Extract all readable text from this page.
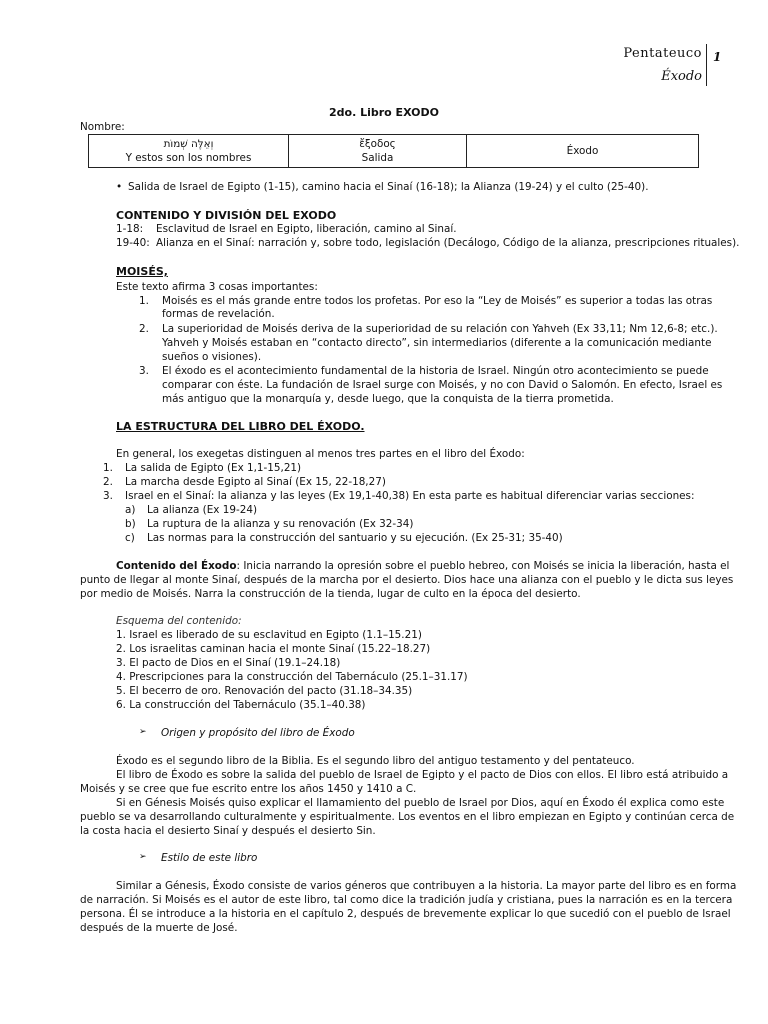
Pentateuco
Éxodo
1
2do. Libro EXODO
Nombre:
וְאֵלֶּה שְׁמוֹת
Y estos son los nombres

ἔξοδος
Salida
	Éxodo
• Salida de Israel de Egipto (1-15), camino hacia el Sinaí (16-18); la Alianza (19-24) y el culto (25-40).
CONTENIDO Y DIVISIÓN DEL EXODO
1-18: Esclavitud de Israel en Egipto, liberación, camino al Sinaí.
19-40: Alianza en el Sinaí: narración y, sobre todo, legislación (Decálogo, Código de la alianza, prescripciones rituales).
MOISÉS,
Este texto afirma 3 cosas importantes:
1. Moisés es el más grande entre todos los profetas. Por eso la “Ley de Moisés” es superior a todas las otras
formas de revelación.
2. La superioridad de Moisés deriva de la superioridad de su relación con Yahveh (Ex 33,11; Nm 12,6-8; etc.).
Yahveh y Moisés estaban en “contacto directo”, sin intermediarios (diferente a la comunicación mediante
sueños o visiones).
3. El éxodo es el acontecimiento fundamental de la historia de Israel. Ningún otro acontecimiento se puede
comparar con éste. La fundación de Israel surge con Moisés, y no con David o Salomón. En efecto, Israel es
más antiguo que la monarquía y, desde luego, que la conquista de la tierra prometida.
LA ESTRUCTURA DEL LIBRO DEL ÉXODO.
En general, los exegetas distinguen al menos tres partes en el libro del Éxodo:
1. La salida de Egipto (Ex 1,1-15,21)
2. La marcha desde Egipto al Sinaí (Ex 15, 22-18,27)
3. Israel en el Sinaí: la alianza y las leyes (Ex 19,1-40,38) En esta parte es habitual diferenciar varias secciones:
a) La alianza (Ex 19-24)
b) La ruptura de la alianza y su renovación (Ex 32-34)
c) Las normas para la construcción del santuario y su ejecución. (Ex 25-31; 35-40)
Contenido del Éxodo: Inicia narrando la opresión sobre el pueblo hebreo, con Moisés se inicia la liberación, hasta el
punto de llegar al monte Sinaí, después de la marcha por el desierto. Dios hace una alianza con el pueblo y le dicta sus leyes
por medio de Moisés. Narra la construcción de la tienda, lugar de culto en la época del desierto.
Esquema del contenido:
1. Israel es liberado de su esclavitud en Egipto (1.1–15.21)
2. Los israelitas caminan hacia el monte Sinaí (15.22–18.27)
3. El pacto de Dios en el Sinaí (19.1–24.18)
4. Prescripciones para la construcción del Tabernáculo (25.1–31.17)
5. El becerro de oro. Renovación del pacto (31.18–34.35)
6. La construcción del Tabernáculo (35.1–40.38)
➢ Origen y propósito del libro de Éxodo
Éxodo es el segundo libro de la Biblia. Es el segundo libro del antiguo testamento y del pentateuco.
El libro de Éxodo es sobre la salida del pueblo de Israel de Egipto y el pacto de Dios con ellos. El libro está atribuido a
Moisés y se cree que fue escrito entre los años 1450 y 1410 a C.
Si en Génesis Moisés quiso explicar el llamamiento del pueblo de Israel por Dios, aquí en Éxodo él explica como este
pueblo se va desarrollando culturalmente y espiritualmente. Los eventos en el libro empiezan en Egipto y continúan cerca de
la costa hacia el desierto Sinaí y después el desierto Sin.
➢ Estilo de este libro
Similar a Génesis, Éxodo consiste de varios géneros que contribuyen a la historia. La mayor parte del libro es en forma
de narración. Si Moisés es el autor de este libro, tal como dice la tradición judía y cristiana, pues la narración es en la tercera
persona. Él se introduce a la historia en el capítulo 2, después de brevemente explicar lo que sucedió con el pueblo de Israel
después de la muerte de José.
